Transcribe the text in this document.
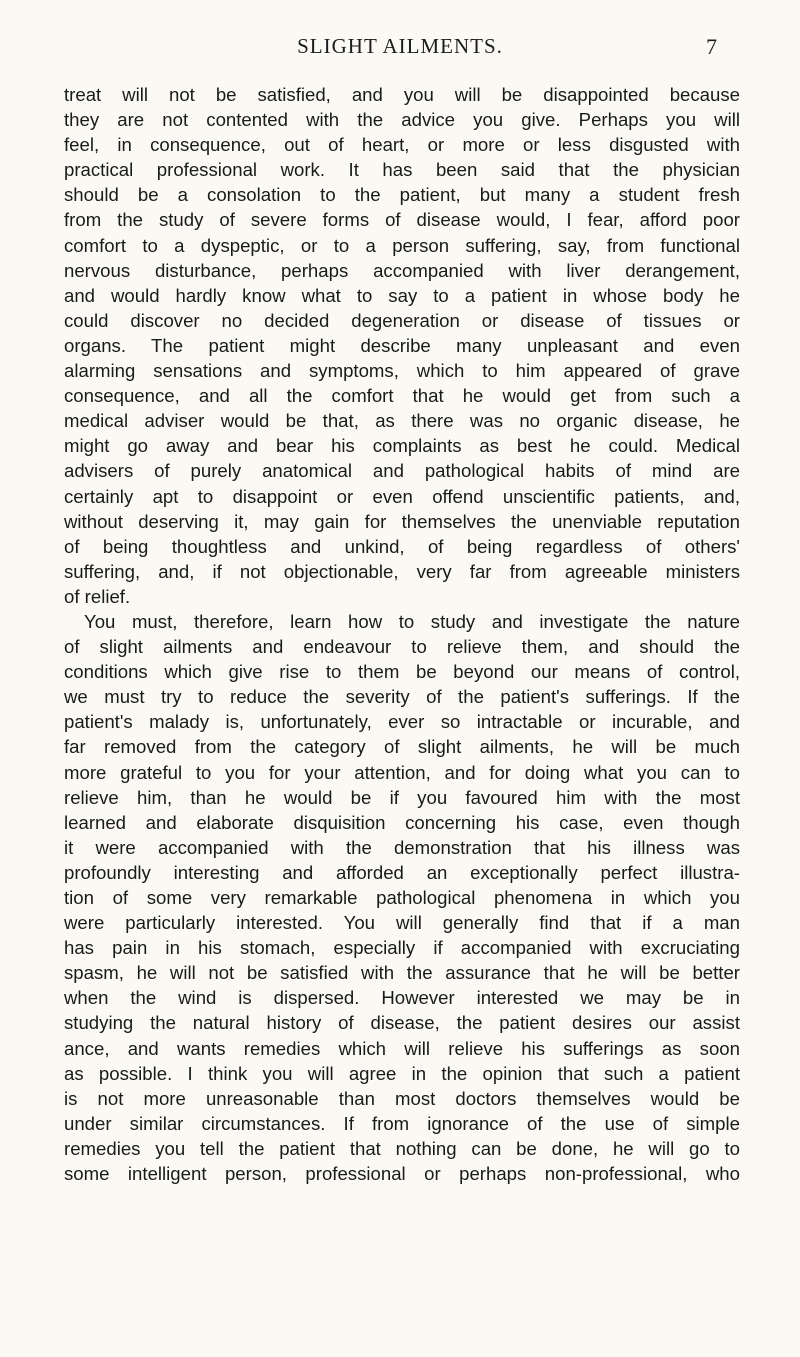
SLIGHT AILMENTS.	7
treat will not be satisfied, and you will be disappointed because
they are not contented with the advice you give. Perhaps you will
feel, in consequence, out of heart, or more or less disgusted with
practical professional work. It has been said that the physician
should be a consolation to the patient, but many a student fresh
from the study of severe forms of disease would, I fear, afford poor
comfort to a dyspeptic, or to a person suffering, say, from functional
nervous disturbance, perhaps accompanied with liver derangement,
and would hardly know what to say to a patient in whose body he
could discover no decided degeneration or disease of tissues or
organs. The patient might describe many unpleasant and even
alarming sensations and symptoms, which to him appeared of grave
consequence, and all the comfort that he would get from such a
medical adviser would be that, as there was no organic disease, he
might go away and bear his complaints as best he could. Medical
advisers of purely anatomical and pathological habits of mind are
certainly apt to disappoint or even offend unscientific patients, and,
without deserving it, may gain for themselves the unenviable reputation
of being thoughtless and unkind, of being regardless of others'
suffering, and, if not objectionable, very far from agreeable ministers
of relief.
You must, therefore, learn how to study and investigate the nature
of slight ailments and endeavour to relieve them, and should the
conditions which give rise to them be beyond our means of control,
we must try to reduce the severity of the patient's sufferings. If the
patient's malady is, unfortunately, ever so intractable or incurable, and
far removed from the category of slight ailments, he will be much
more grateful to you for your attention, and for doing what you can to
relieve him, than he would be if you favoured him with the most
learned and elaborate disquisition concerning his case, even though
it were accompanied with the demonstration that his illness was
profoundly interesting and afforded an exceptionally perfect illustra-
tion of some very remarkable pathological phenomena in which you
were particularly interested. You will generally find that if a man
has pain in his stomach, especially if accompanied with excruciating
spasm, he will not be satisfied with the assurance that he will be better
when the wind is dispersed. However interested we may be in
studying the natural history of disease, the patient desires our assist
ance, and wants remedies which will relieve his sufferings as soon
as possible. I think you will agree in the opinion that such a patient
is not more unreasonable than most doctors themselves would be
under similar circumstances. If from ignorance of the use of simple
remedies you tell the patient that nothing can be done, he will go to
some intelligent person, professional or perhaps non-professional, who
